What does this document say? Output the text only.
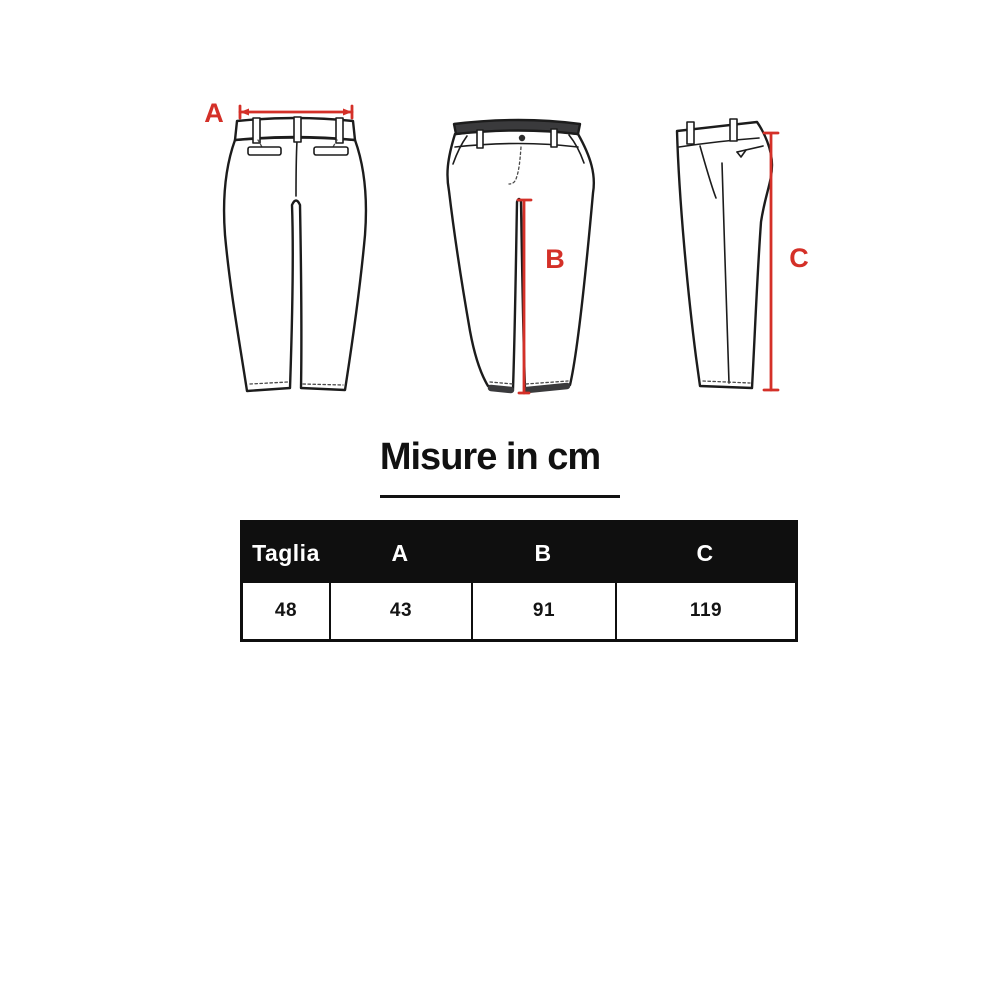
A
B	C
Misure in cm
Taglia	A	B	C
48	43	91	119
